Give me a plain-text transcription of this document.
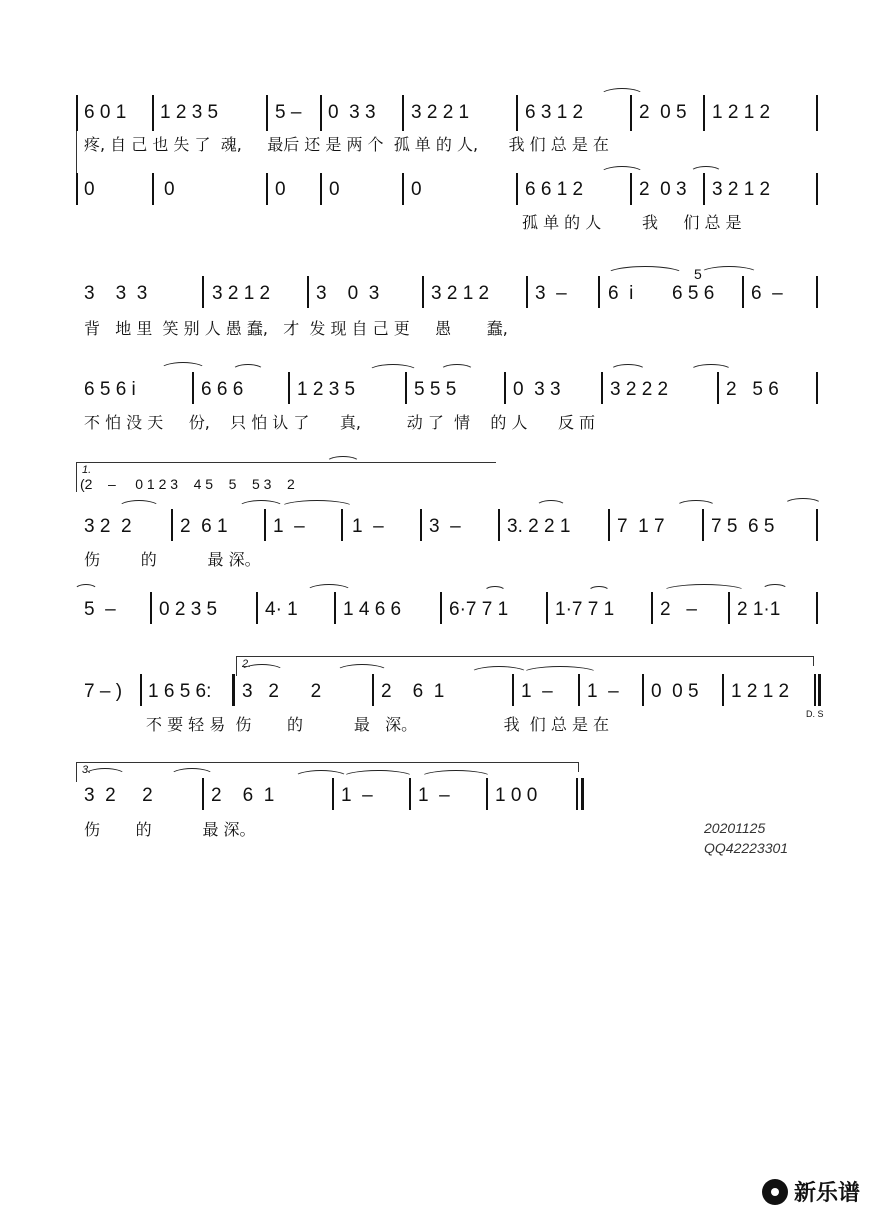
6 0 1 1 2 3 5	5 – 0  3 3 3 2 2 1	6 3 1 2	2  0 5 1 2 1 2
疼, 自 己 也 失 了  魂,     最后 还 是 两 个  孤 单 的 人,      我 们 总 是 在
0	0	0 0	0	6 6 1 2	2  0 3 3 2 1 2
孤 单 的 人        我     们 总 是
3    3  3	3 2 1 2 3    0  3	3 2 1 2 3  – 6  i
5
6 5 6 6  –
背   地 里  笑 别 人 愚 蠢,   才  发 现 自 己 更     愚       蠢,
6 5 6 i	6 6 6	1 2 3 5	5 5 5	0  3 3	3 2 2 2	2   5 6
不 怕 没 天     份,    只 怕 认 了      真,         动 了  情    的 人      反 而
1.
(2    –     0 1 2 3    4 5    5    5 3    2
3 2  2	2  6 1 1  – 1  – 3  – 3. 2 2 1 7  1 7 7 5  6 5
伤        的          最 深。
5  – 0 2 3 5	4· 1 1 4 6 6	6·7 7 1 1·7 7 1 2   – 2 1·1
2.
7 – ) 1 6 5 6: 3   2      2	2    6  1	1  – 1  – 0  0 5 1 2 1 2
D. S
不 要 轻 易  伤       的          最   深。                 我  们 总 是 在
3.
3  2     2	2    6  1	1  – 1  – 1 0 0
伤       的          最 深。	20201125
QQ42223301
新乐谱
